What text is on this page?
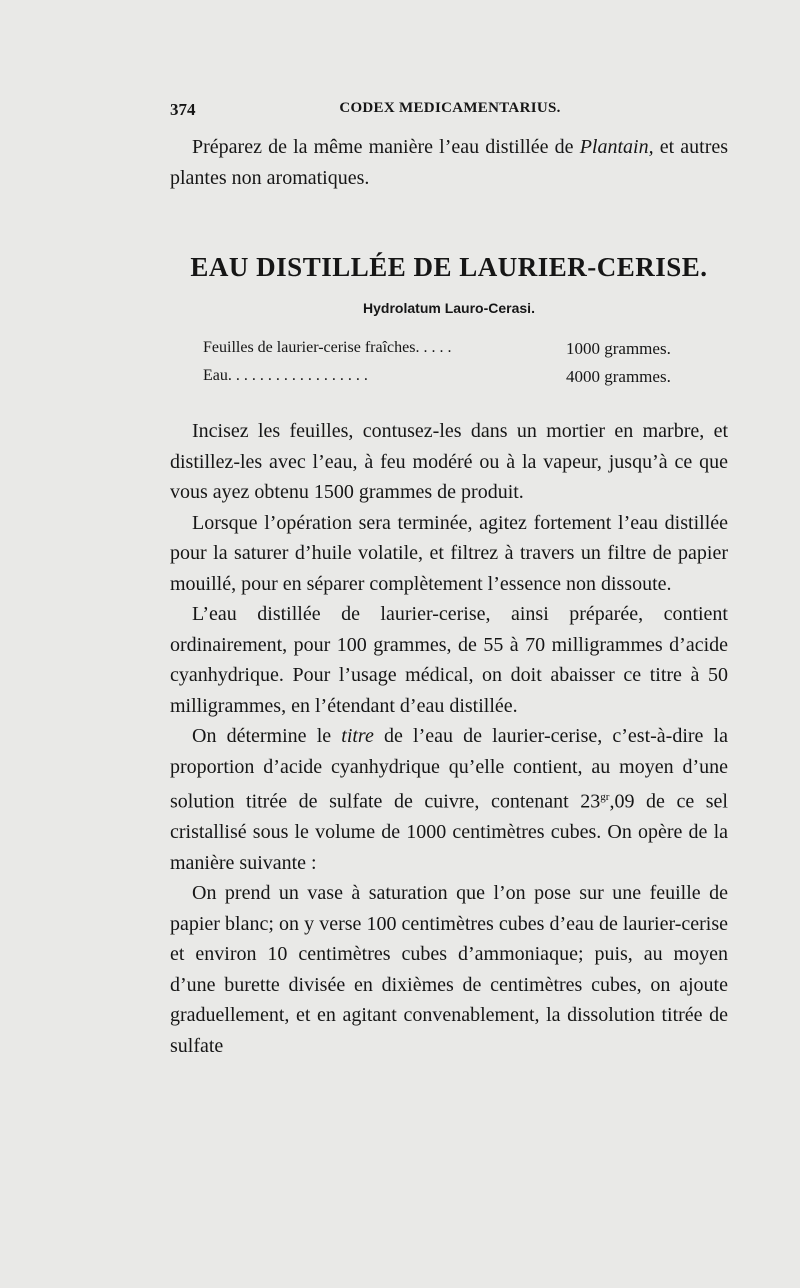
374	CODEX MEDICAMENTARIUS.

Préparez de la même manière l’eau distillée de Plantain, et autres plantes non aromatiques.

EAU DISTILLÉE DE LAURIER-CERISE.
Hydrolatum Lauro-Cerasi.
Feuilles de laurier-cerise fraîches. . . . .	1000 grammes.
Eau. . . . . . . . . . . . . . . . . .	4000 grammes.

Incisez les feuilles, contusez-les dans un mortier en marbre, et distillez-les avec l’eau, à feu modéré ou à la vapeur, jusqu’à ce que vous ayez obtenu 1500 grammes de produit.

Lorsque l’opération sera terminée, agitez fortement l’eau distillée pour la saturer d’huile volatile, et filtrez à travers un filtre de papier mouillé, pour en séparer complètement l’essence non dissoute.

L’eau distillée de laurier-cerise, ainsi préparée, contient ordinairement, pour 100 grammes, de 55 à 70 milligrammes d’acide cyanhydrique. Pour l’usage médical, on doit abaisser ce titre à 50 milligrammes, en l’étendant d’eau distillée.

On détermine le titre de l’eau de laurier-cerise, c’est-à-dire la proportion d’acide cyanhydrique qu’elle contient, au moyen d’une solution titrée de sulfate de cuivre, contenant $23^{gr},09$ de ce sel cristallisé sous le volume de 1000 centimètres cubes. On opère de la manière suivante :

On prend un vase à saturation que l’on pose sur une feuille de papier blanc; on y verse 100 centimètres cubes d’eau de laurier-cerise et environ 10 centimètres cubes d’ammoniaque; puis, au moyen d’une burette divisée en dixièmes de centimètres cubes, on ajoute graduellement, et en agitant convenablement, la dissolution titrée de sulfate
